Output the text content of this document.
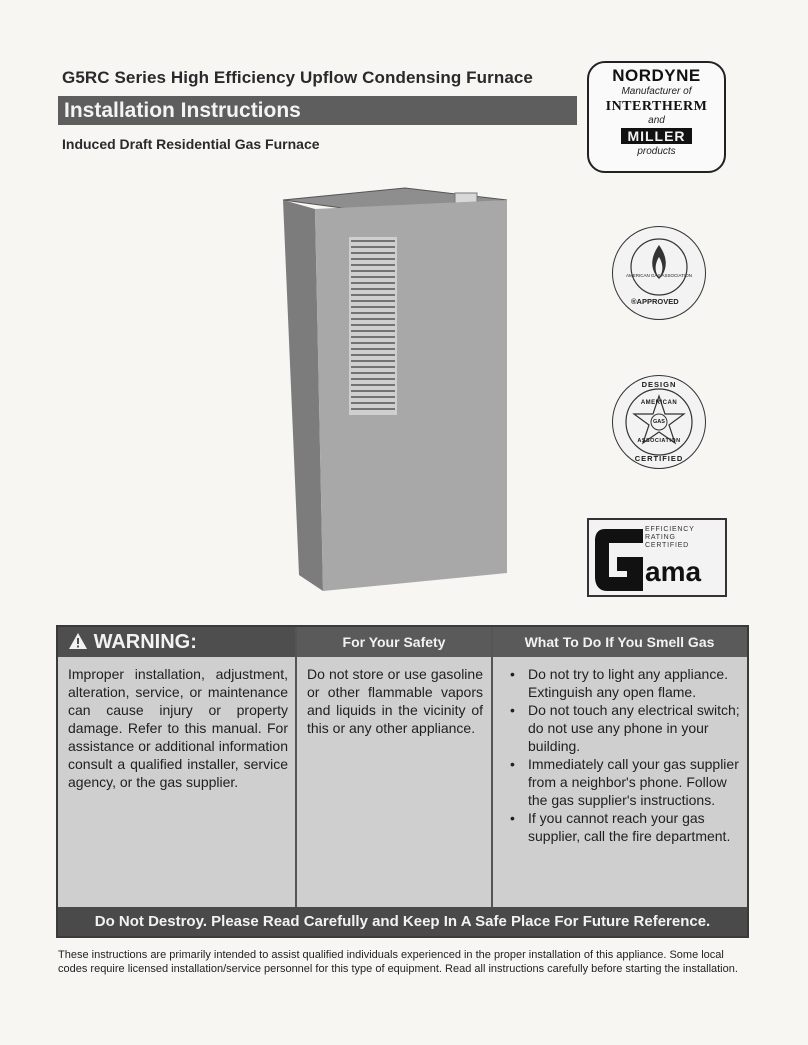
G5RC Series High Efficiency Upflow Condensing Furnace
Installation Instructions
Induced Draft Residential Gas Furnace
NORDYNE
Manufacturer of
INTERTHERM
and
MILLER
products
AMERICAN GAS ASSOCIATION
®APPROVED
DESIGN
AMERICAN
GAS
ASSOCIATION
CERTIFIED
EFFICIENCY
RATING
CERTIFIED
ama
WARNING:	For Your Safety	What To Do If You Smell Gas
Improper installation, adjustment, alteration, service, or maintenance can cause injury or property damage. Refer to this manual. For assistance or additional information consult a qualified installer, service agency, or the gas supplier.
Do not store or use gasoline or other flammable vapors and liquids in the vicinity of this or any other appliance.
• Do not try to light any appliance. Extinguish any open flame.
• Do not touch any electrical switch; do not use any phone in your building.
• Immediately call your gas supplier from a neighbor's phone. Follow the gas supplier's instructions.
• If you cannot reach your gas supplier, call the fire department.
Do Not Destroy. Please Read Carefully and Keep In A Safe Place For Future Reference.
These instructions are primarily intended to assist qualified individuals experienced in the proper installation of this appliance. Some local codes require licensed installation/service personnel for this type of equipment. Read all instructions carefully before starting the installation.
